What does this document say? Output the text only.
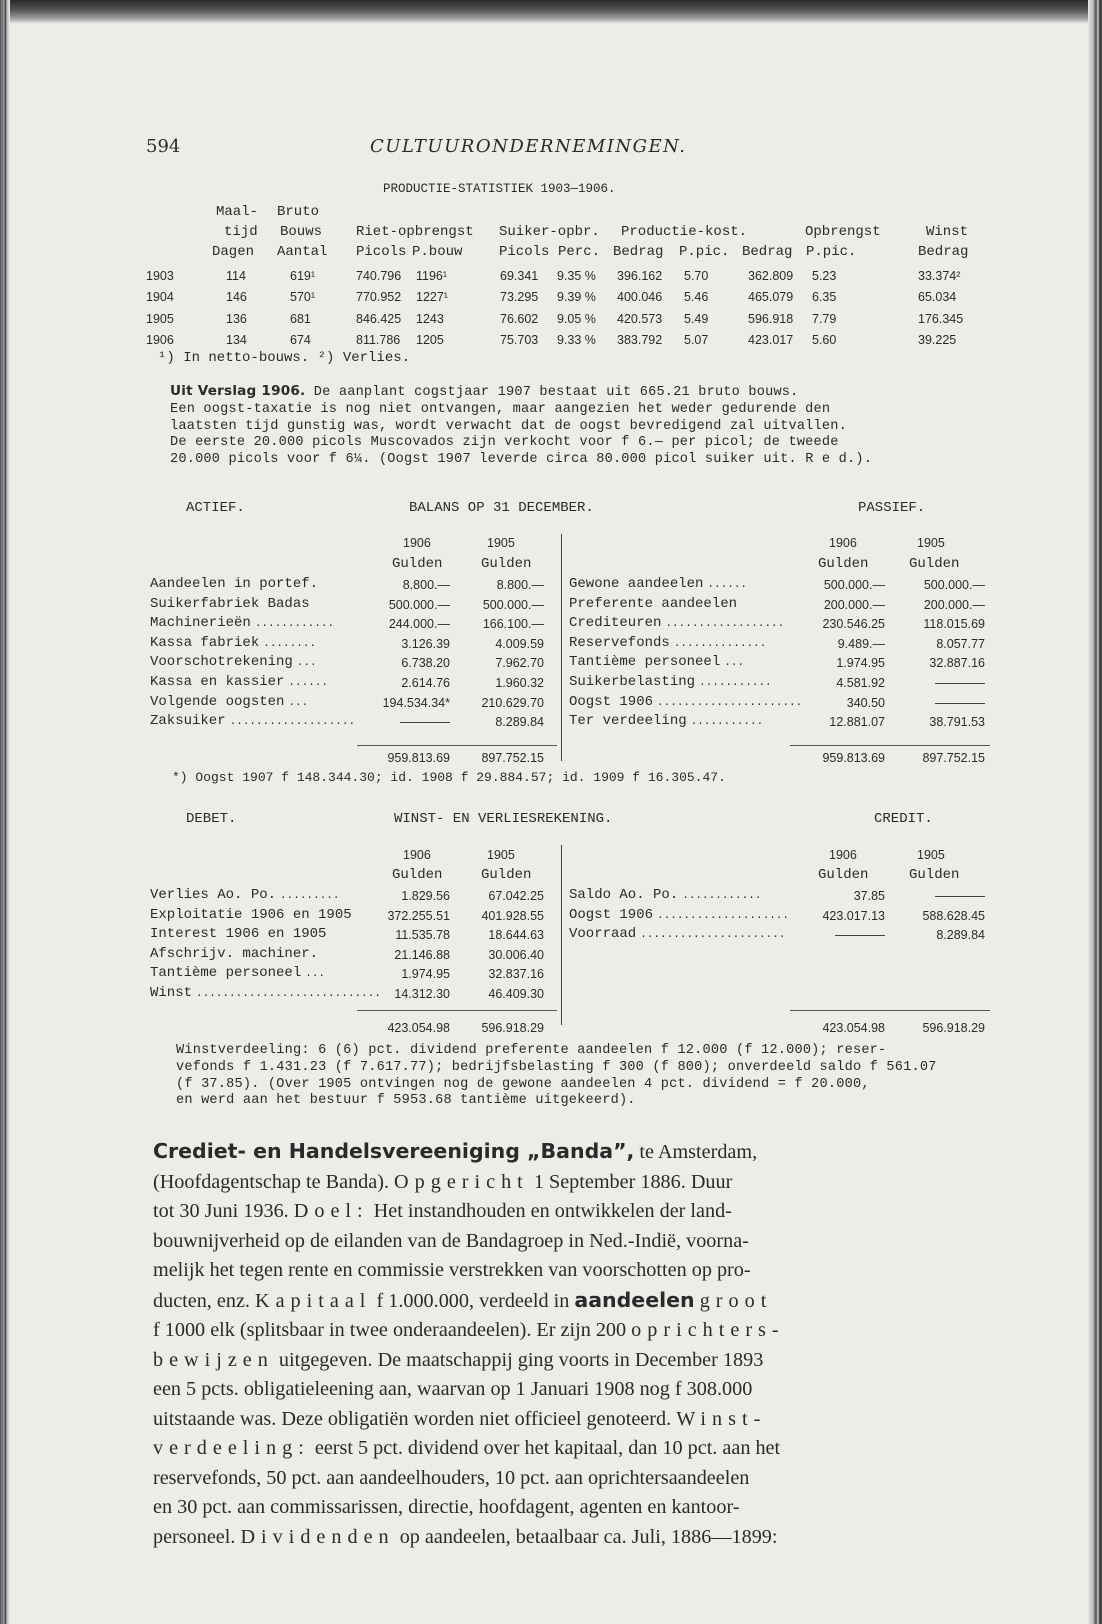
594	CULTUURONDERNEMINGEN.
PRODUCTIE-STATISTIEK 1903—1906.
Maal- Bruto
tijd Bouws Riet-opbrengst Suiker-opbr. Productie-kost.	Opbrengst	Winst
Dagen Aantal Picols P.bouw	Picols Perc. Bedrag P.pic. Bedrag P.pic.	Bedrag
1903	114	619¹	740.796 1196¹	69.341 9.35 % 396.162 5.70	362.809 5.23	33.374²
1904	146	570¹	770.952 1227¹	73.295 9.39 % 400.046 5.46	465.079 6.35	65.034
1905	136	681	846.425 1243	76.602 9.05 % 420.573 5.49	596.918 7.79	176.345
1906	134	674	811.786 1205	75.703 9.33 % 383.792 5.07	423.017 5.60	39.225
¹) In netto-bouws. ²) Verlies.
Uit Verslag 1906. De aanplant cogstjaar 1907 bestaat uit 665.21 bruto bouws.
Een oogst-taxatie is nog niet ontvangen, maar aangezien het weder gedurende den
laatsten tijd gunstig was, wordt verwacht dat de oogst bevredigend zal uitvallen.
De eerste 20.000 picols Muscovados zijn verkocht voor f 6.— per picol; de tweede
20.000 picols voor f 6¼. (Oogst 1907 leverde circa 80.000 picol suiker uit. R e d.).
ACTIEF.	BALANS OP 31 DECEMBER.	PASSIEF.
1906	1905
Gulden	Gulden
1906	1905
Gulden	Gulden
Aandeelen in portef.	8.800.—	8.800.—
Suikerfabriek Badas	500.000.—	500.000.—
Machinerieën ............	244.000.—	166.100.—
Kassa fabriek ........	3.126.39	4.009.59
Voorschotrekening ...	6.738.20	7.962.70
Kassa en kassier ......	2.614.76	1.960.32
Volgende oogsten ...	194.534.34*	210.629.70
Zaksuiker ...................	————	8.289.84
Gewone aandeelen ......	500.000.—	500.000.—
Preferente aandeelen	200.000.—	200.000.—
Crediteuren ..................	230.546.25	118.015.69
Reservefonds ..............	9.489.—	8.057.77
Tantième personeel ...	1.974.95	32.887.16
Suikerbelasting ...........	4.581.92	————
Oogst 1906 ......................	340.50	————
Ter verdeeling ...........	12.881.07	38.791.53
959.813.69	897.752.15	959.813.69	897.752.15
*) Oogst 1907 f 148.344.30; id. 1908 f 29.884.57; id. 1909 f 16.305.47.
DEBET.	WINST- EN VERLIESREKENING.	CREDIT.
1906	1905
Gulden	Gulden
1906	1905
Gulden	Gulden
Verlies Ao. Po. .........	1.829.56	67.042.25
Exploitatie 1906 en 1905	372.255.51	401.928.55
Interest 1906 en 1905	11.535.78	18.644.63
Afschrijv. machiner.	21.146.88	30.006.40
Tantième personeel ...	1.974.95	32.837.16
Winst ............................	14.312.30	46.409.30
Saldo Ao. Po. ............	37.85	————
Oogst 1906 ....................	423.017.13	588.628.45
Voorraad ......................	————	8.289.84
423.054.98	596.918.29	423.054.98	596.918.29
Winstverdeeling: 6 (6) pct. dividend preferente aandeelen f 12.000 (f 12.000); reser-
vefonds f 1.431.23 (f 7.617.77); bedrijfsbelasting f 300 (f 800); onverdeeld saldo f 561.07
(f 37.85). (Over 1905 ontvingen nog de gewone aandeelen 4 pct. dividend = f 20.000,
en werd aan het bestuur f 5953.68 tantième uitgekeerd).
Crediet- en Handelsvereeniging „Banda”, te Amsterdam,
(Hoofdagentschap te Banda). Opgericht 1 September 1886. Duur
tot 30 Juni 1936. Doel: Het instandhouden en ontwikkelen der land-
bouwnijverheid op de eilanden van de Bandagroep in Ned.-Indië, voorna-
melijk het tegen rente en commissie verstrekken van voorschotten op pro-
ducten, enz. Kapitaal f 1.000.000, verdeeld in aandeelen groot
f 1000 elk (splitsbaar in twee onderaandeelen). Er zijn 200 oprichters-
bewijzen uitgegeven. De maatschappij ging voorts in December 1893
een 5 pcts. obligatieleening aan, waarvan op 1 Januari 1908 nog f 308.000
uitstaande was. Deze obligatiën worden niet officieel genoteerd. Winst-
verdeeling: eerst 5 pct. dividend over het kapitaal, dan 10 pct. aan het
reservefonds, 50 pct. aan aandeelhouders, 10 pct. aan oprichtersaandeelen
en 30 pct. aan commissarissen, directie, hoofdagent, agenten en kantoor-
personeel. Dividenden op aandeelen, betaalbaar ca. Juli, 1886—1899:
